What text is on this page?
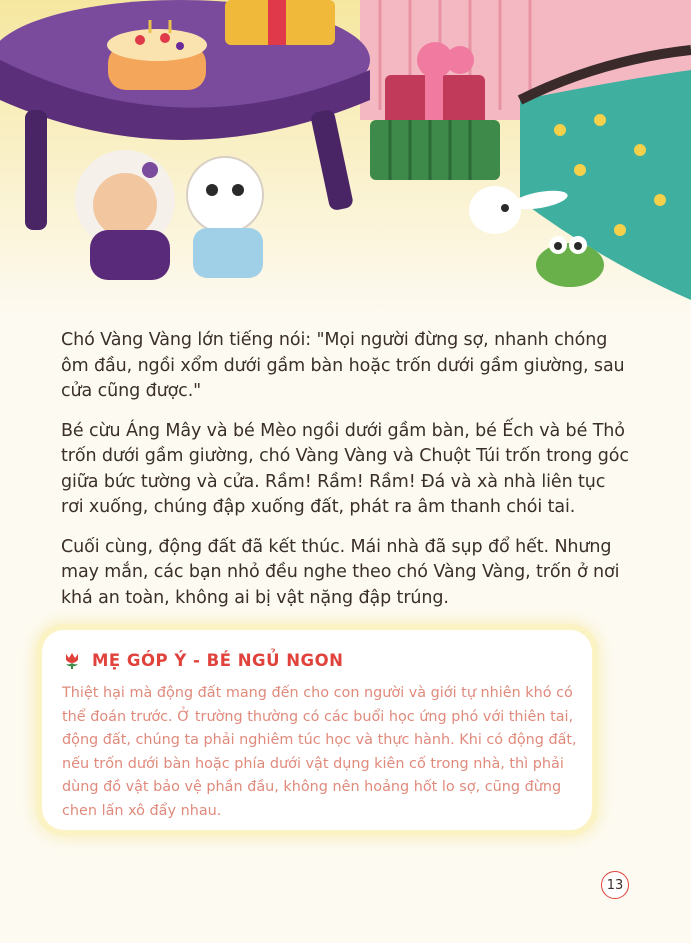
Chó Vàng Vàng lớn tiếng nói: "Mọi người đừng sợ, nhanh chóng ôm đầu, ngồi xổm dưới gầm bàn hoặc trốn dưới gầm giường, sau cửa cũng được."

Bé cừu Áng Mây và bé Mèo ngồi dưới gầm bàn, bé Ếch và bé Thỏ trốn dưới gầm giường, chó Vàng Vàng và Chuột Túi trốn trong góc giữa bức tường và cửa. Rầm! Rầm! Rầm! Đá và xà nhà liên tục rơi xuống, chúng đập xuống đất, phát ra âm thanh chói tai.

Cuối cùng, động đất đã kết thúc. Mái nhà đã sụp đổ hết. Nhưng may mắn, các bạn nhỏ đều nghe theo chó Vàng Vàng, trốn ở nơi khá an toàn, không ai bị vật nặng đập trúng.

MẸ GÓP Ý - BÉ NGỦ NGON

Thiệt hại mà động đất mang đến cho con người và giới tự nhiên khó có thể đoán trước. Ở trường thường có các buổi học ứng phó với thiên tai, động đất, chúng ta phải nghiêm túc học và thực hành. Khi có động đất, nếu trốn dưới bàn hoặc phía dưới vật dụng kiên cố trong nhà, thì phải dùng đồ vật bảo vệ phần đầu, không nên hoảng hốt lo sợ, cũng đừng chen lấn xô đẩy nhau.

13
